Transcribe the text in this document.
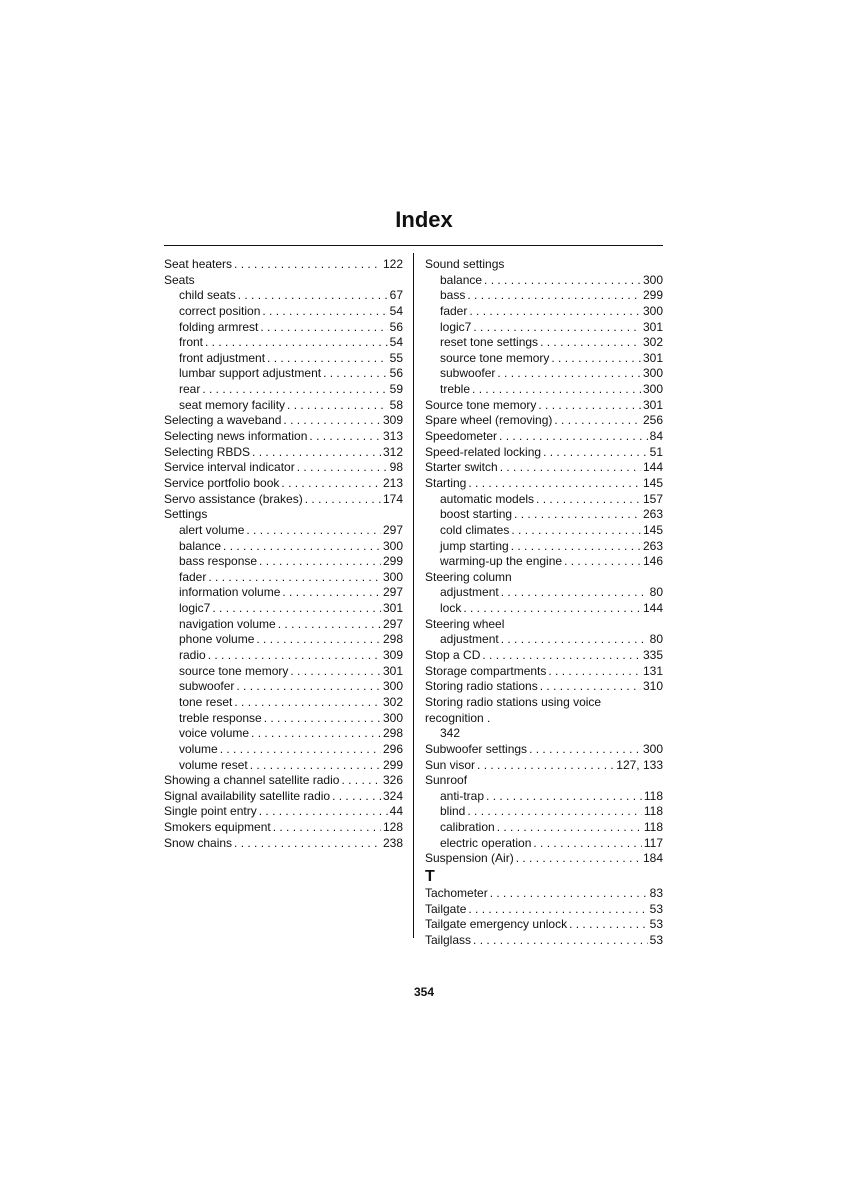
Index
Seat heaters . . .	122
Seats
child seats . . .	67
correct position . . .	54
folding armrest . . .	56
front . . .	54
front adjustment . . .	55
lumbar support adjustment . . .	56
rear . . .	59
seat memory facility . . .	58
Selecting a waveband . . .	309
Selecting news information . . .	313
Selecting RBDS . . .	312
Service interval indicator . . .	98
Service portfolio book . . .	213
Servo assistance (brakes) . . .	174
Settings
alert volume . . .	297
balance . . .	300
bass response . . .	299
fader . . .	300
information volume . . .	297
logic7 . . .	301
navigation volume . . .	297
phone volume . . .	298
radio . . .	309
source tone memory . . .	301
subwoofer . . .	300
tone reset . . .	302
treble response . . .	300
voice volume . . .	298
volume . . .	296
volume reset . . .	299
Showing a channel satellite radio . . .	326
Signal availability satellite radio . . .	324
Single point entry . . .	44
Smokers equipment . . .	128
Snow chains . . .	238
Sound settings
balance . . .	300
bass . . .	299
fader . . .	300
logic7 . . .	301
reset tone settings . . .	302
source tone memory . . .	301
subwoofer . . .	300
treble . . .	300
Source tone memory . . .	301
Spare wheel (removing) . . .	256
Speedometer . . .	84
Speed-related locking . . .	51
Starter switch . . .	144
Starting . . .	145
automatic models . . .	157
boost starting . . .	263
cold climates . . .	145
jump starting . . .	263
warming-up the engine . . .	146
Steering column
adjustment . . .	80
lock . . .	144
Steering wheel
adjustment . . .	80
Stop a CD . . .	335
Storage compartments . . .	131
Storing radio stations . . .	310
Storing radio stations using voice recognition .
342
Subwoofer settings . . .	300
Sun visor . . .	127, 133
Sunroof
anti-trap . . .	118
blind . . .	118
calibration . . .	118
electric operation . . .	117
Suspension (Air) . . .	184
T
Tachometer . . .	83
Tailgate . . .	53
Tailgate emergency unlock . . .	53
Tailglass . . .	53
354
